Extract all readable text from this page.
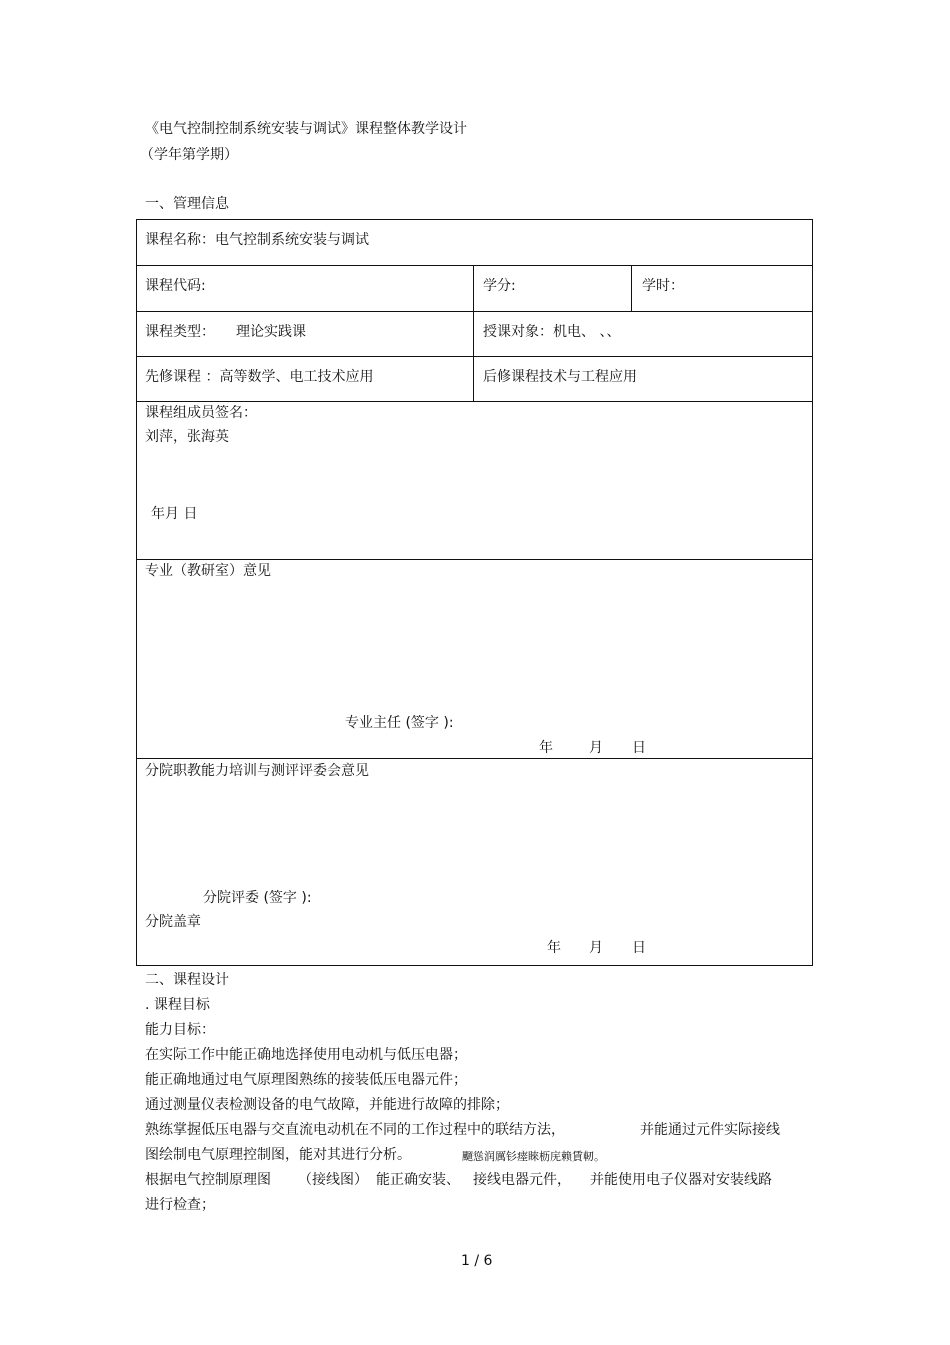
《电气控制控制系统安装与调试》课程整体教学设计
（学年第学期）
一、管理信息
课程名称：电气控制系统安装与调试
课程代码:	学分:	学时：
课程类型： 理论实践课	授课对象：机电、 、、
先修课程 ：高等数学、电工技术应用	后修课程技术与工程应用
课程组成员签名：
刘萍，张海英
年月 日
专业（教研室）意见
专业主任 (签字 ):
年	月 日
分院职教能力培训与测评评委会意见
分院评委 (签字 ):
分院盖章
年 月 日
二、课程设计
. 课程目标
能力目标：
在实际工作中能正确地选择使用电动机与低压电器；
能正确地通过电气原理图熟练的接装低压电器元件；
通过测量仪表检测设备的电气故障，并能进行故障的排除；
熟练掌握低压电器与交直流电动机在不同的工作过程中的联结方法，	并能通过元件实际接线
图绘制电气原理控制图，能对其进行分析。	飀慫润厲钐瘗睞枥庑赖賃軔。
根据电气控制原理图 （接线图） 能正确安装、 接线电器元件， 并能使用电子仪器对安装线路
进行检查；
1 / 6
